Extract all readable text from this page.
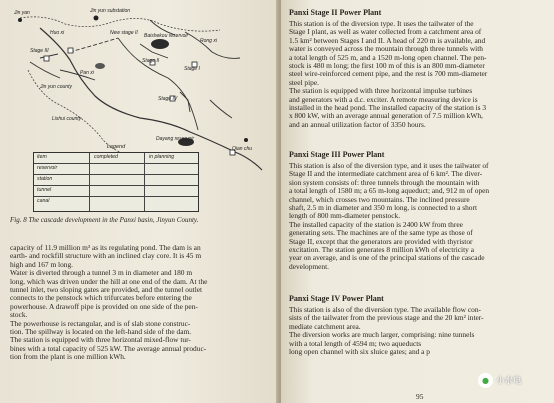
Jin yan	Jin yun substation
Huo xi	New stage II Baishekou reservoir
Rong xi
Stage III
Stage IV
Pan xi
Jin yun county
Lishui county
Stage II
Stage I
Dayang reservoir
Qian chu
Legend
item	completed	in planning
reservoir
station
tunnel
canal
Fig. 8 The cascade development in the Panxi basin, Jinyun County.
capacity of 11.9 million m³ as its regulating pond. The dam is an
earth- and rockfill structure with an inclined clay core. It is 45 m
high and 167 m long.
Water is diverted through a tunnel 3 m in diameter and 180 m
long, which was driven under the hill at one end of the dam. At the
tunnel inlet, two sloping gates are provided, and the tunnel outlet
connects to the penstock which trifurcates before entering the
powerhouse. A drawoff pipe is provided on one side of the pen-
stock.
The powerhouse is rectangular, and is of slab stone construc-
tion. The spillway is located on the left-hand side of the dam.
The station is equipped with three horizontal mixed-flow tur-
bines with a total capacity of 525 kW. The average annual produc-
tion from the plant is one million kWh.
Panxi Stage II Power Plant
This station is of the diversion type. It uses the tailwater of the
Stage I plant, as well as water collected from a catchment area of
1.5 km² between Stages I and II. A head of 220 m is available, and
water is conveyed across the mountain through three tunnels with
a total length of 525 m, and a 1520 m-long open channel. The pen-
stock is 480 m long; the first 100 m of this is an 800 mm-diameter
steel wire-reinforced cement pipe, and the rest is 700 mm-diameter
steel pipe.
The station is equipped with three horizontal impulse turbines
and generators with a d.c. exciter. A remote measuring device is
installed in the head pond. The installed capacity of the station is 3
x 800 kW, with an average annual generation of 7.5 million kWh,
and an annual utilization factor of 3350 hours.
Panxi Stage III Power Plant
This station is also of the diversion type, and it uses the tailwater of
Stage II and the intermediate catchment area of 6 km². The diver-
sion system consists of: three tunnels through the mountain with
a total length of 1580 m; a 65 m-long aqueduct; and, 912 m of open
channel, which crosses two mountains. The inclined pressure
shaft, 2.5 m in diameter and 350 m long, is connected to a short
length of 800 mm-diameter penstock.
The installed capacity of the station is 2400 kW from three
generating sets. The machines are of the same type as those of
Stage II, except that the generators are provided with thyristor
excitation. The station generates 8 million kWh of electricity a
year on average, and is one of the principal stations of the cascade
development.
Panxi Stage IV Power Plant
This station is also of the diversion type. The available flow con-
sists of the tailwater from the previous stage and the 20 km² inter-
mediate catchment area.
The diversion works are much larger, comprising: nine tunnels
with a total length of 4594 m; two aqueducts
long open channel with six sluice gates; and a p
95
● 小水电
